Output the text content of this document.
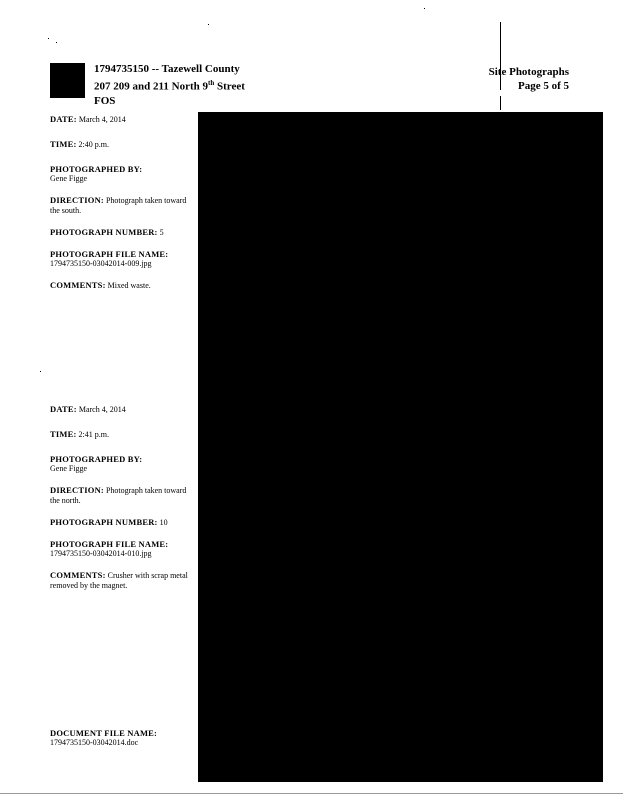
1794735150 -- Tazewell County
207 209 and 211 North 9th Street
FOS
Site Photographs
Page 5 of 5
DATE: March 4, 2014
TIME: 2:40 p.m.
PHOTOGRAPHED BY:
Gene Figge
DIRECTION: Photograph taken toward the south.
PHOTOGRAPH NUMBER: 5
PHOTOGRAPH FILE NAME:
1794735150-03042014-009.jpg
COMMENTS: Mixed waste.
DATE: March 4, 2014
TIME: 2:41 p.m.
PHOTOGRAPHED BY:
Gene Figge
DIRECTION: Photograph taken toward the north.
PHOTOGRAPH NUMBER: 10
PHOTOGRAPH FILE NAME:
1794735150-03042014-010.jpg
COMMENTS: Crusher with scrap metal removed by the magnet.
DOCUMENT FILE NAME:
1794735150-03042014.doc
